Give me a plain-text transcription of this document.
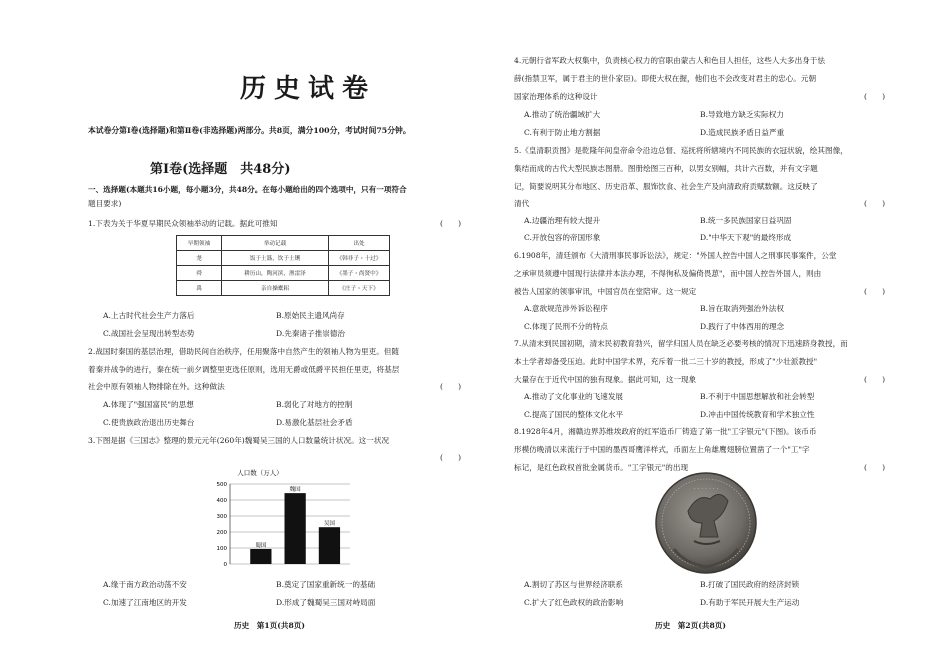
历史试卷
本试卷分第Ⅰ卷(选择题)和第Ⅱ卷(非选择题)两部分。共8页，满分100分，考试时间75分钟。
第Ⅰ卷(选择题　共48分)
一、选择题(本题共16小题，每小题3分，共48分。在每小题给出的四个选项中，只有一项符合
题目要求)
1.下表为关于华夏早期民众领袖举动的记载。据此可推知	(　　)
早期领袖	举动记载	出处
尧	饭于土簋，饮于土铏	《韩非子・十过》
舜	耕历山，陶河滨，渔雷泽	《墨子・尚贤中》
禹	亲自操橐耜	《庄子・天下》
A.上古时代社会生产力落后	B.原始民主遗风尚存
C.战国社会呈现出转型态势	D.先秦诸子推崇德治
2.战国时秦国的基层治理，借助民间自治秩序，任用聚落中自然产生的领袖人物为里吏。但随
着秦并战争的进行，秦在统一前夕调整里吏选任原则，选用无爵或低爵平民担任里吏，将基层
社会中原有领袖人物排除在外。这种做法	(　　)
A.体现了"强国富民"的思想	B.弱化了对地方的控制
C.使贵族政治退出历史舞台	D.易激化基层社会矛盾
3.下图是据《三国志》整理的景元元年(260年)魏蜀吴三国的人口数量统计状况。这一状况
(　　)
人口数（万人）
0
100
200
300
400
500
蜀国
魏国
吴国
A.缘于南方政治动荡不安	B.奠定了国家重新统一的基础
C.加速了江南地区的开发	D.形成了魏蜀吴三国对峙局面
历史　第1页(共8页)
4.元朝行省军政大权集中，负责核心权力的官职由蒙古人和色目人担任，这些人大多出身于怯
薛(指禁卫军，属于君主的世仆家臣)。即使大权在握，他们也不会改变对君主的忠心。元朝
国家治理体系的这种设计	(　　)
A.推动了统治疆域扩大	B.导致地方缺乏实际权力
C.有利于防止地方割据	D.造成民族矛盾日益严重
5.《皇清职贡图》是乾隆年间皇帝命令沿边总督、巡抚将所辖境内不同民族的衣冠状貌，绘其图像，
集结而成的古代大型民族志图册。图册绘图三百种，以男女别幅，共计六百数，并有文字题
记，简要说明其分布地区、历史沿革、服饰饮食、社会生产及向清政府贡赋数额。这反映了
清代	(　　)
A.边疆治理有较大提升	B.统一多民族国家日益巩固
C.开放包容的帝国形象	D."中华天下观"的最终形成
6.1908年，清廷颁布《大清刑事民事诉讼法》，规定："外国人控告中国人之刑事民事案件，公堂
之承审员须遵中国现行法律并本法办理，不得徇私及偏倚畏葸"，而中国人控告外国人，则由
被告人国家的领事审讯，中国官员在堂陪审。这一规定	(　　)
A.意欲规范涉外诉讼程序	B.旨在取消列强治外法权
C.体现了民刑不分的特点	D.践行了中体西用的理念
7.从清末到民国初期，清末民初教育勃兴，留学归国人员在缺乏必要考核的情况下迅速跻身教授，而
本土学者却备受压迫。此时中国学术界，充斥着一批二三十岁的教授，形成了"少壮派教授"
大量存在于近代中国的独有现象。据此可知，这一现象	(　　)
A.推动了文化事业的飞速发展	B.不利于中国思想解放和社会转型
C.提高了国民的整体文化水平	D.冲击中国传统教育和学术独立性
8.1928年4月，湘赣边界苏维埃政府的红军造币厂铸造了第一批"工字银元"(下图)。该币币
形模仿晚清以来流行于中国的墨西哥鹰洋样式，币面左上角雄鹰翅膀位置凿了一个"工"字
标记，是红色政权首批金属货币。"工字银元"的出现	(　　)
· · · · · · ·
A.割切了苏区与世界经济联系	B.打破了国民政府的经济封锁
C.扩大了红色政权的政治影响	D.有助于军民开展大生产运动
历史　第2页(共8页)
